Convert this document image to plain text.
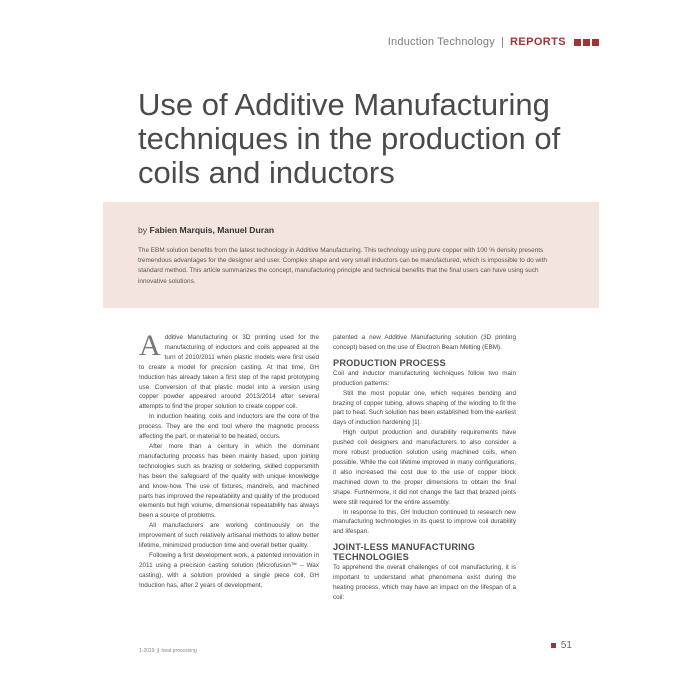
Induction Technology | REPORTS
Use of Additive Manufacturing techniques in the production of coils and inductors
by Fabien Marquis, Manuel Duran

The EBM solution benefits from the latest technology in Additive Manufacturing. This technology using pure copper with 100 % density presents tremendous advantages for the designer and user. Complex shape and very small inductors can be manufactured, which is impossible to do with standard method. This article summarizes the concept, manufacturing principle and technical benefits that the final users can have using such innovative solutions.

Additive Manufacturing or 3D printing used for the manufacturing of inductors and coils appeared at the turn of 2010/2011 when plastic models were first used to create a model for precision casting. At that time, GH Induction has already taken a first step of the rapid prototyping use. Conversion of that plastic model into a version using copper powder appeared around 2013/2014 after several attempts to find the proper solution to create copper coil.

In induction heating, coils and inductors are the core of the process. They are the end tool where the magnetic process affecting the part, or material to be heated, occurs.

After more than a century in which the dominant manufacturing process has been mainly based, upon joining technologies such as brazing or soldering, skilled coppersmith has been the safeguard of the quality with unique knowledge and know-how. The use of fixtures, mandrels, and machined parts has improved the repeatability and quality of the produced elements but high volume, dimensional repeatability has always been a source of problems.

All manufacturers are working continuously on the improvement of such relatively artisanal methods to allow better lifetime, minimized production time and overall better quality.

Following a first development work, a patented innovation in 2011 using a precision casting solution (Microfusion™ – Wax casting), with a solution provided a single piece coil, GH Induction has, after 2 years of development,

patented a new Additive Manufacturing solution (3D printing concept) based on the use of Electron Beam Melting (EBM).

PRODUCTION PROCESS

Coil and inductor manufacturing techniques follow two main production patterns:

Still the most popular one, which requires bending and brazing of copper tubing, allows shaping of the winding to fit the part to heat. Such solution has been established from the earliest days of induction hardening [1].

High output production and durability requirements have pushed coil designers and manufacturers to also consider a more robust production solution using machined coils, when possible. While the coil lifetime improved in many configurations, it also increased the cost due to the use of copper block machined down to the proper dimensions to obtain the final shape. Furthermore, it did not change the fact that brazed joints were still required for the entire assembly.

In response to this, GH Induction continued to research new manufacturing technologies in its quest to improve coil durability and lifespan.

JOINT-LESS MANUFACTURING TECHNOLOGIES

To apprehend the overall challenges of coil manufacturing, it is important to understand what phenomena exist during the heating process, which may have an impact on the lifespan of a coil:

1-2019 ❙ heat processing	51
